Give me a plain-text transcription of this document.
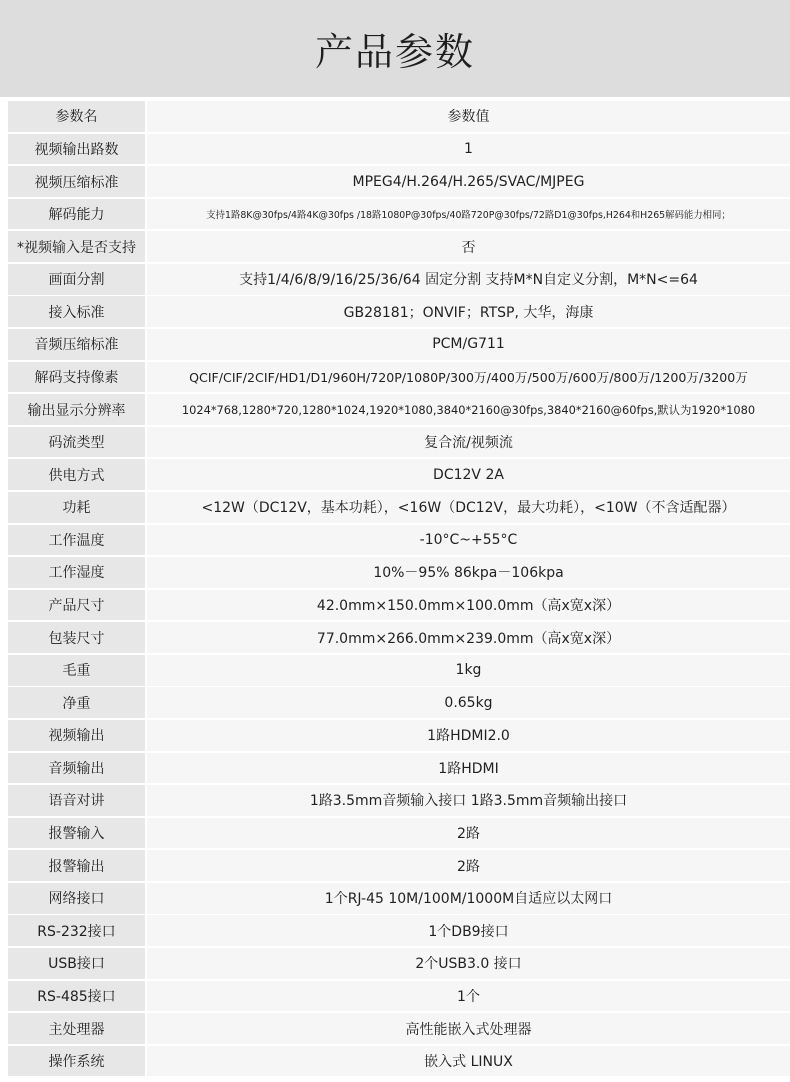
产品参数
参数名	参数值
视频输出路数	1
视频压缩标准	MPEG4/H.264/H.265/SVAC/MJPEG
解码能力	支持1路8K@30fps/4路4K@30fps /18路1080P@30fps/40路720P@30fps/72路D1@30fps,H264和H265解码能力相同；
*视频输入是否支持	否
画面分割	支持1/4/6/8/9/16/25/36/64 固定分割 支持M*N自定义分割，M*N<=64
接入标准	GB28181；ONVIF；RTSP, 大华，海康
音频压缩标准	PCM/G711
解码支持像素	QCIF/CIF/2CIF/HD1/D1/960H/720P/1080P/300万/400万/500万/600万/800万/1200万/3200万
输出显示分辨率	1024*768,1280*720,1280*1024,1920*1080,3840*2160@30fps,3840*2160@60fps,默认为1920*1080
码流类型	复合流/视频流
供电方式	DC12V 2A
功耗	<12W（DC12V，基本功耗），<16W（DC12V，最大功耗），<10W（不含适配器）
工作温度	-10°C~+55°C
工作湿度	10%－95% 86kpa－106kpa
产品尺寸	42.0mm×150.0mm×100.0mm（高x宽x深）
包装尺寸	77.0mm×266.0mm×239.0mm（高x宽x深）
毛重	1kg
净重	0.65kg
视频输出	1路HDMI2.0
音频输出	1路HDMI
语音对讲	1路3.5mm音频输入接口 1路3.5mm音频输出接口
报警输入	2路
报警输出	2路
网络接口	1个RJ-45 10M/100M/1000M自适应以太网口
RS-232接口	1个DB9接口
USB接口	2个USB3.0 接口
RS-485接口	1个
主处理器	高性能嵌入式处理器
操作系统	嵌入式 LINUX
